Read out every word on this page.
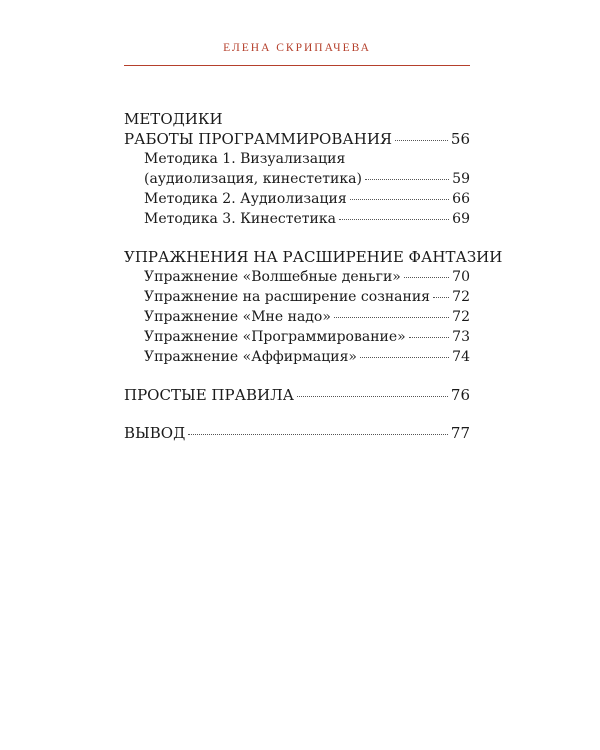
ЕЛЕНА СКРИПАЧЕВА
МЕТОДИКИ
РАБОТЫ ПРОГРАММИРОВАНИЯ	56
Методика 1. Визуализация
(аудиолизация, кинестетика)	59
Методика 2. Аудиолизация	66
Методика 3. Кинестетика	69
УПРАЖНЕНИЯ НА РАСШИРЕНИЕ ФАНТАЗИИ
Упражнение «Волшебные деньги»	70
Упражнение на расширение сознания 72
Упражнение «Мне надо»	72
Упражнение «Программирование»	73
Упражнение «Аффирмация»	74
ПРОСТЫЕ ПРАВИЛА	76
ВЫВОД	77
